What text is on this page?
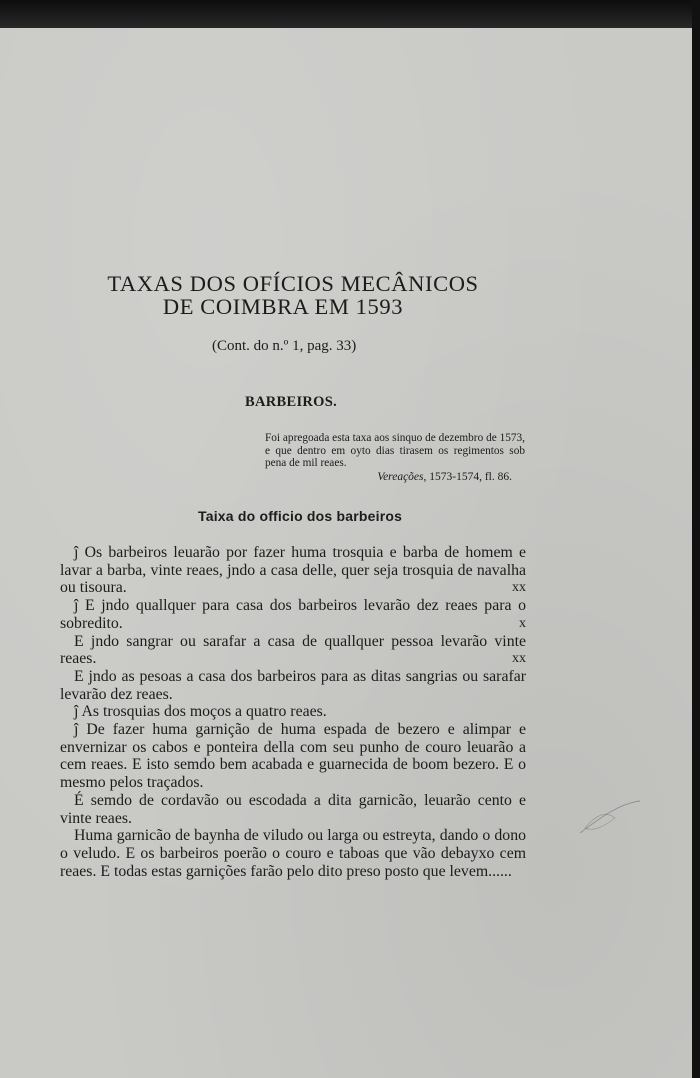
TAXAS DOS OFÍCIOS MECÂNICOS
DE COIMBRA EM 1593

(Cont. do n.º 1, pag. 33)

BARBEIROS.

Foi apregoada esta taxa aos sinquo de dezembro de 1573, e que dentro em oyto dias tirasem os regimentos sob pena de mil reaes.

Vereações, 1573-1574, fl. 86.

Taixa do officio dos barbeiros

ĵ Os barbeiros leuarão por fazer huma trosquia e barba de homem e lavar a barba, vinte reaes, jndo a casa delle, quer seja trosquia de navalha ou tisoura.	xx

ĵ E jndo quallquer para casa dos barbeiros levarão dez reaes para o sobredito.	x

E jndo sangrar ou sarafar a casa de quallquer pessoa levarão vinte reaes.	xx

E jndo as pesoas a casa dos barbeiros para as ditas sangrias ou sarafar levarão dez reaes.

ĵ As trosquias dos moços a quatro reaes.

ĵ De fazer huma garnição de huma espada de bezero e alimpar e envernizar os cabos e ponteira della com seu punho de couro leuarão a cem reaes. E isto semdo bem acabada e guarnecida de boom bezero. E o mesmo pelos traçados.

É semdo de cordavão ou escodada a dita garnicão, leuarão cento e vinte reaes.

Huma garnicão de baynha de viludo ou larga ou estreyta, dando o dono o veludo. E os barbeiros poerão o couro e taboas que vão debayxo cem reaes. E todas estas garnições farão pelo dito preso posto que levem......
